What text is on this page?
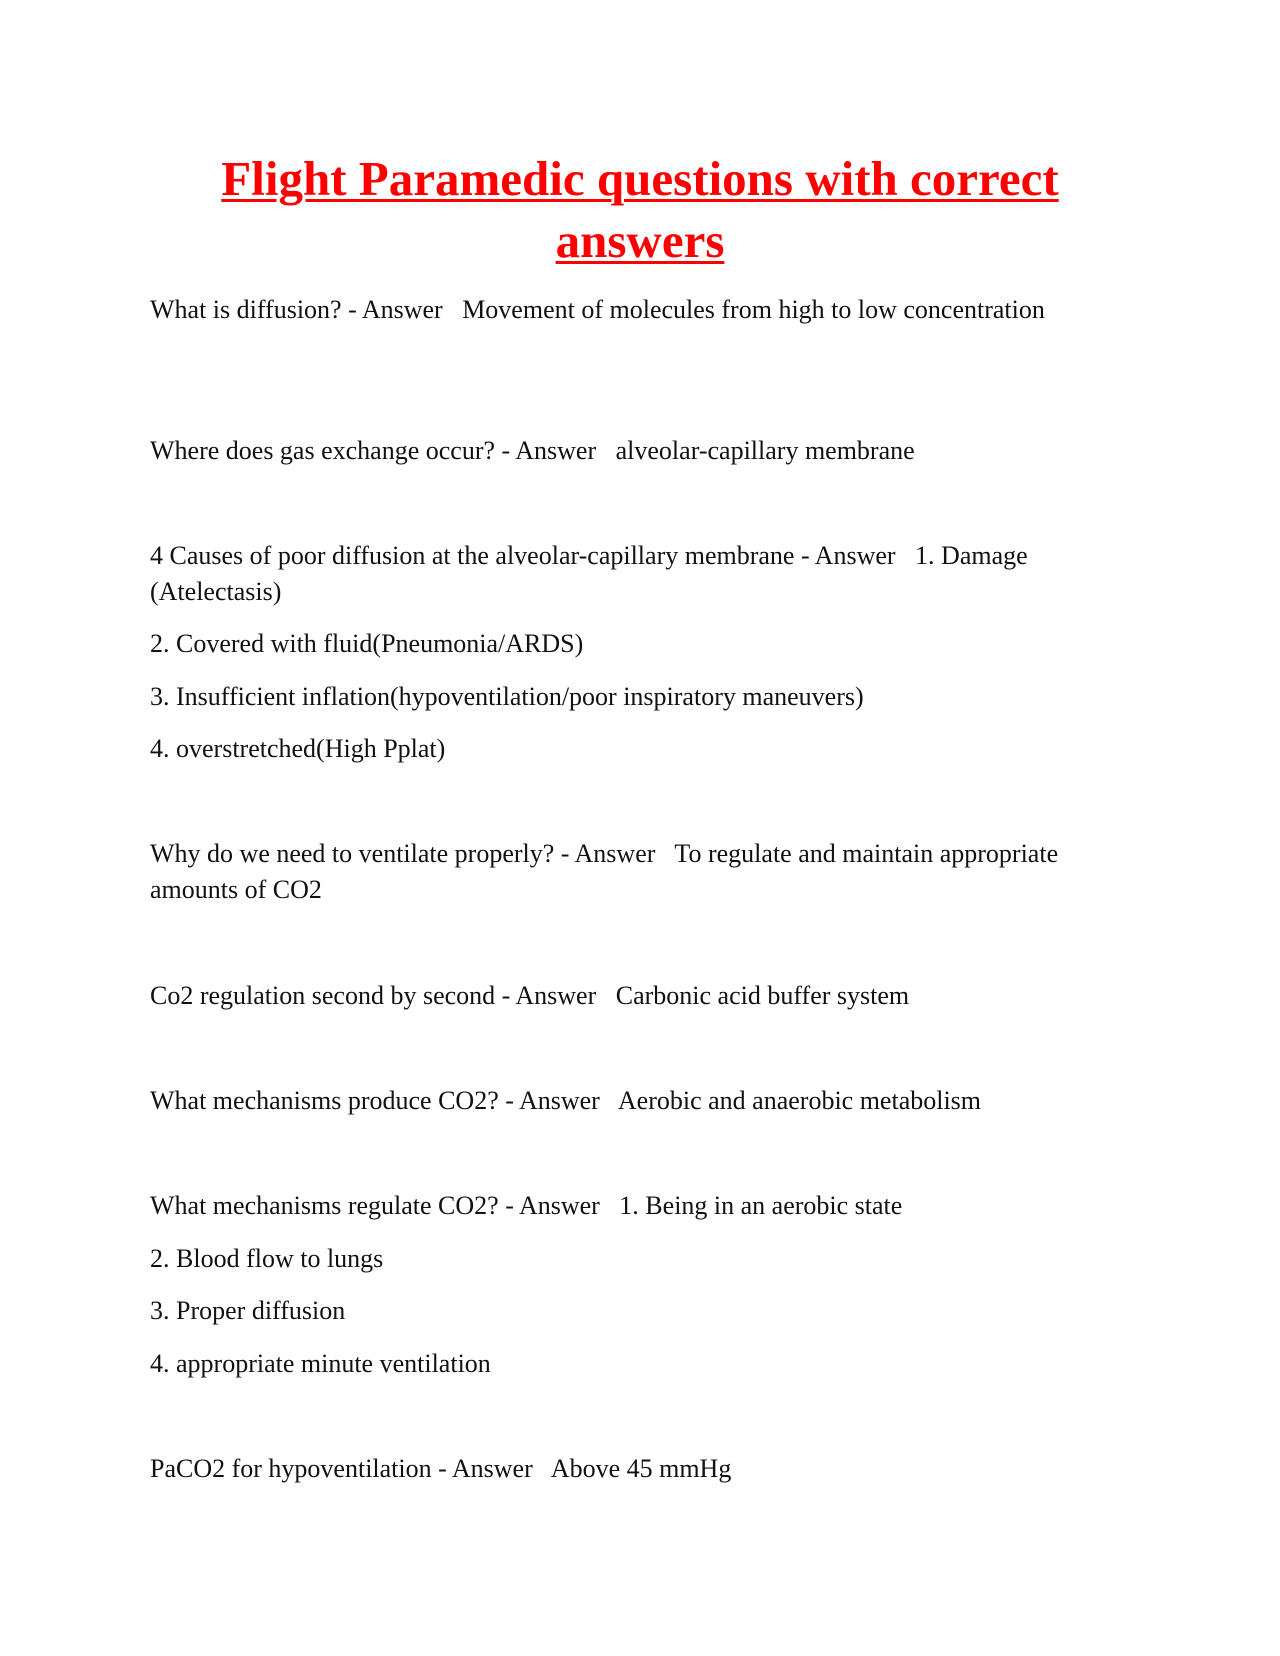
Flight Paramedic questions with correct answers

What is diffusion? - Answer   Movement of molecules from high to low concentration

Where does gas exchange occur? - Answer   alveolar-capillary membrane

4 Causes of poor diffusion at the alveolar-capillary membrane - Answer   1. Damage (Atelectasis)

2. Covered with fluid(Pneumonia/ARDS)

3. Insufficient inflation(hypoventilation/poor inspiratory maneuvers)

4. overstretched(High Pplat)

Why do we need to ventilate properly? - Answer   To regulate and maintain appropriate amounts of CO2

Co2 regulation second by second - Answer   Carbonic acid buffer system

What mechanisms produce CO2? - Answer   Aerobic and anaerobic metabolism

What mechanisms regulate CO2? - Answer   1. Being in an aerobic state

2. Blood flow to lungs

3. Proper diffusion

4. appropriate minute ventilation

PaCO2 for hypoventilation - Answer   Above 45 mmHg
